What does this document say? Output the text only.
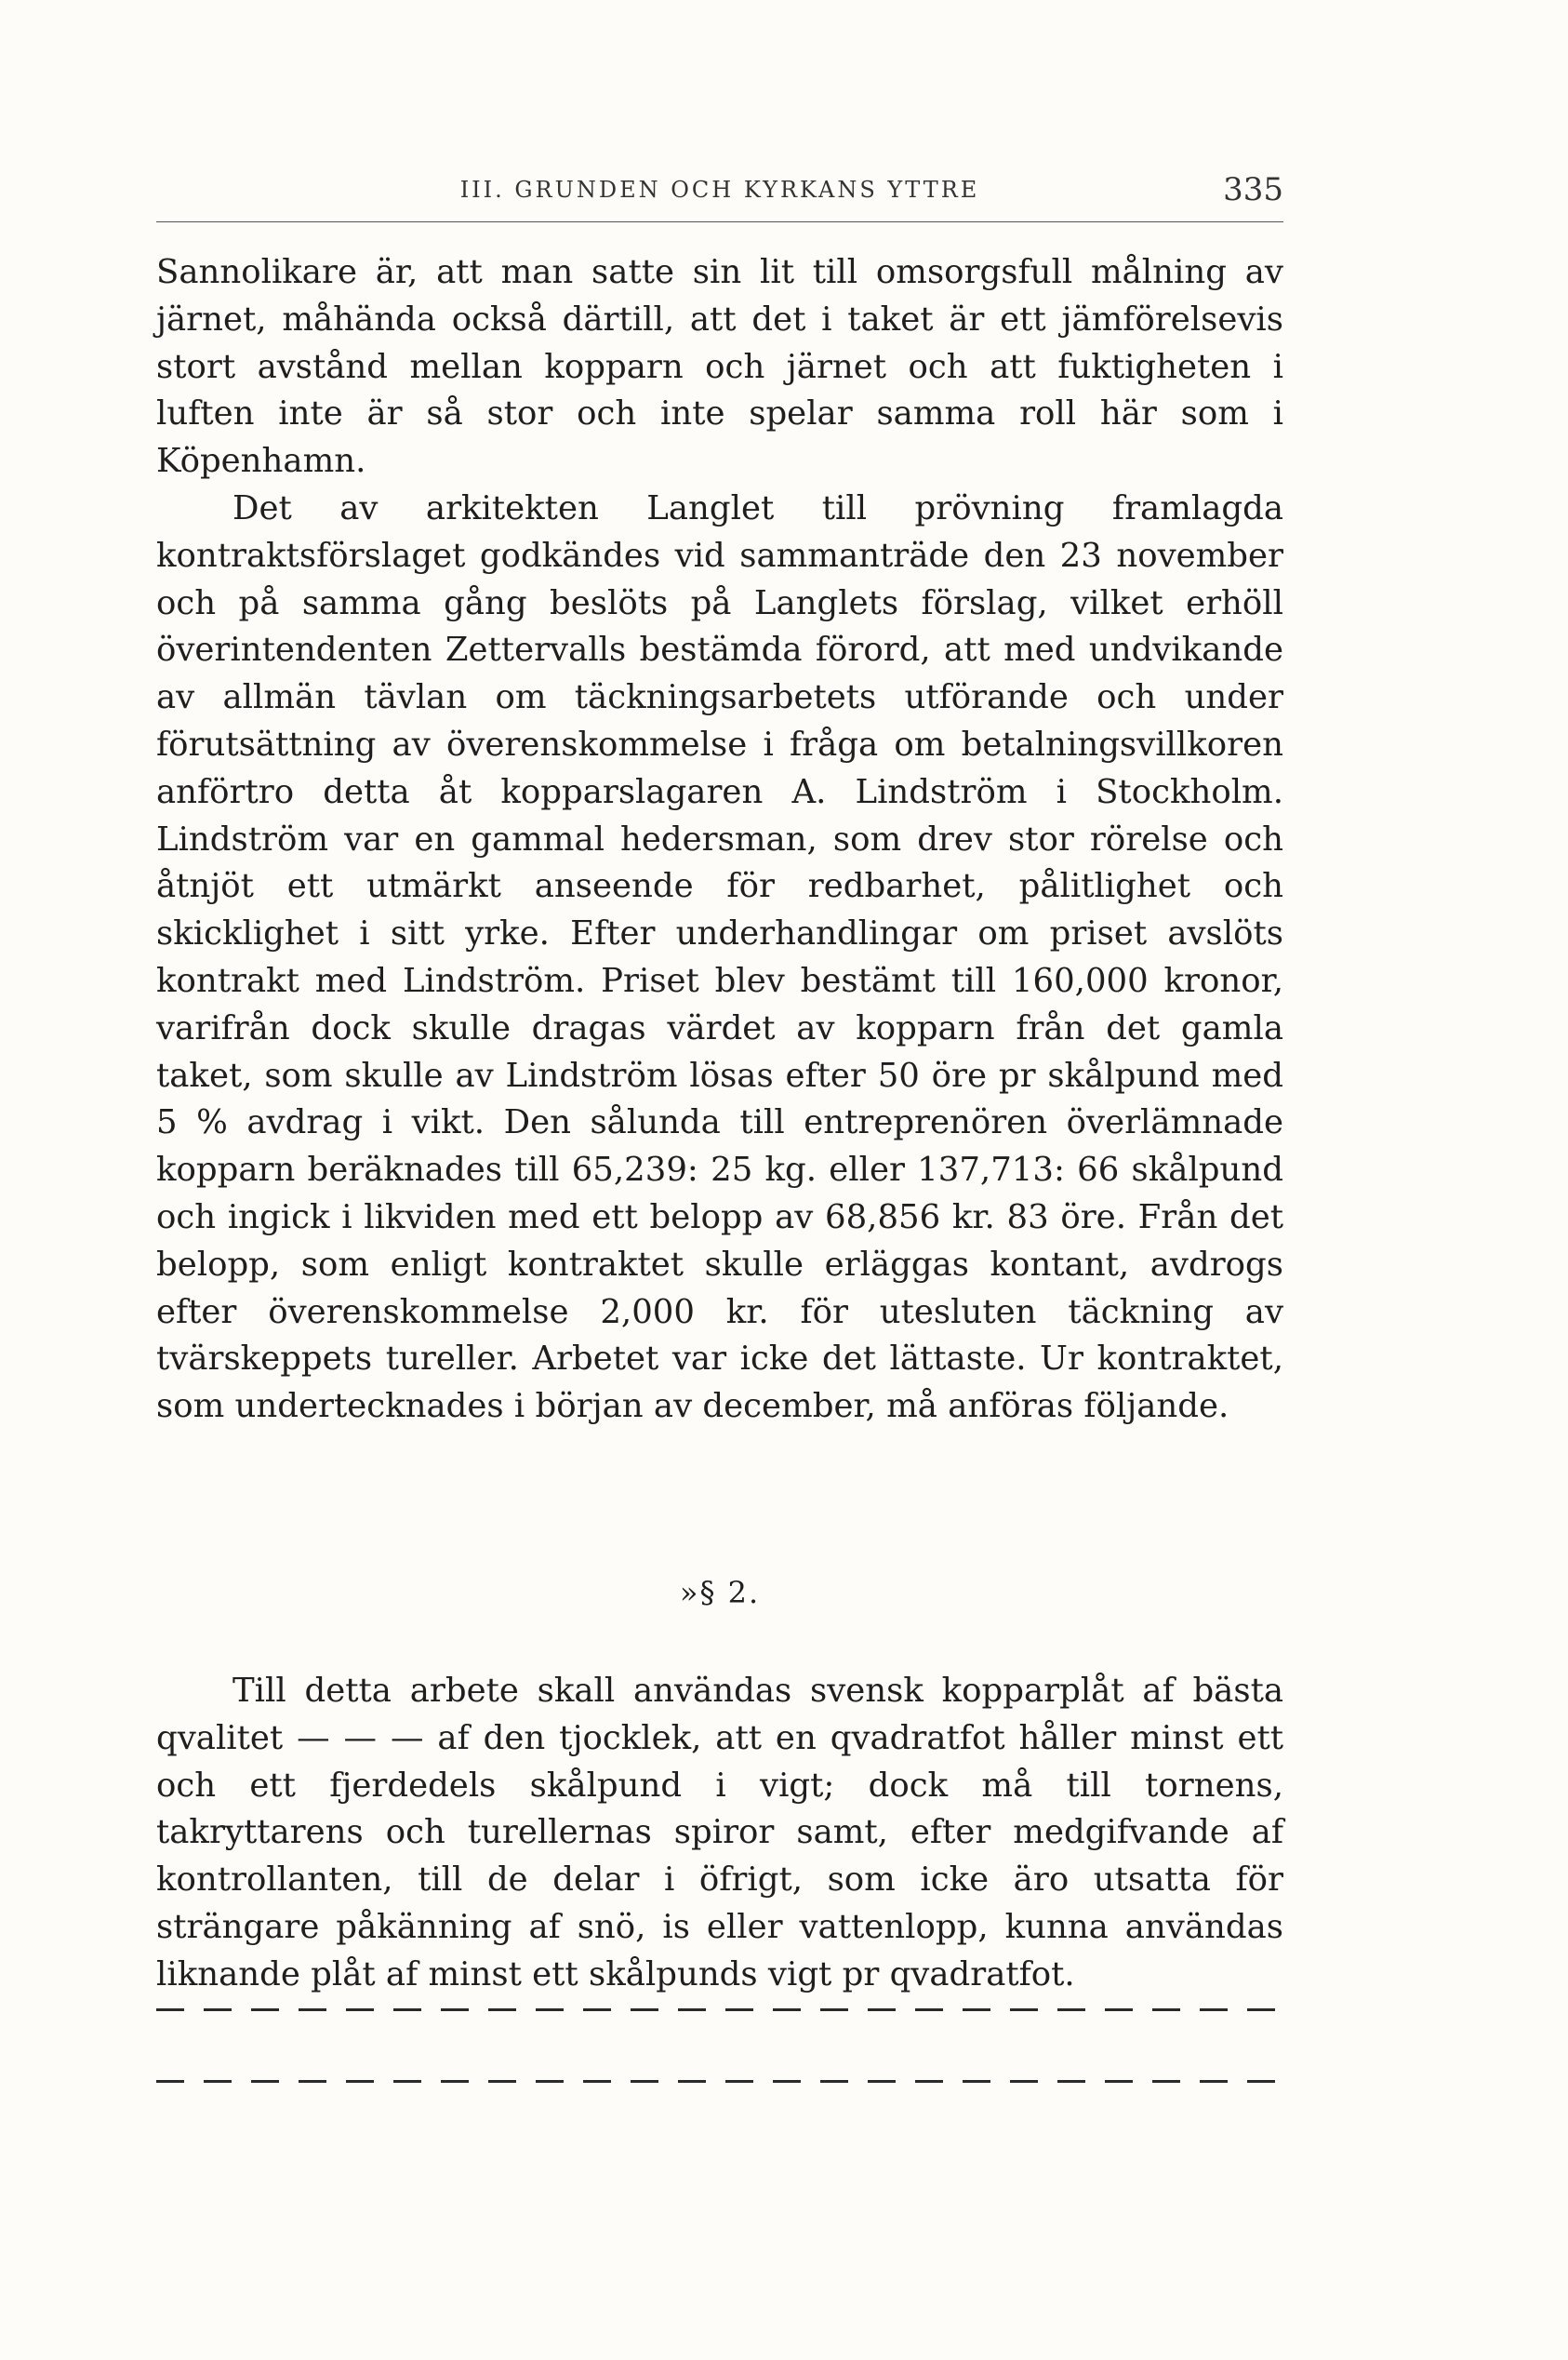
III. GRUNDEN OCH KYRKANS YTTRE	335

Sannolikare är, att man satte sin lit till omsorgsfull målning av järnet, måhända också därtill, att det i taket är ett jämförelsevis stort avstånd mellan kopparn och järnet och att fuktigheten i luften inte är så stor och inte spelar samma roll här som i Köpenhamn.

Det av arkitekten Langlet till prövning framlagda kontraktsförslaget godkändes vid sammanträde den 23 november och på samma gång beslöts på Langlets förslag, vilket erhöll överintendenten Zettervalls bestämda förord, att med undvikande av allmän tävlan om täckningsarbetets utförande och under förutsättning av överenskommelse i fråga om betalningsvillkoren anförtro detta åt kopparslagaren A. Lindström i Stockholm. Lindström var en gammal hedersman, som drev stor rörelse och åtnjöt ett utmärkt anseende för redbarhet, pålitlighet och skicklighet i sitt yrke. Efter underhandlingar om priset avslöts kontrakt med Lindström. Priset blev bestämt till 160,000 kronor, varifrån dock skulle dragas värdet av kopparn från det gamla taket, som skulle av Lindström lösas efter 50 öre pr skålpund med 5 % avdrag i vikt. Den sålunda till entreprenören överlämnade kopparn beräknades till 65,239: 25 kg. eller 137,713: 66 skålpund och ingick i likviden med ett belopp av 68,856 kr. 83 öre. Från det belopp, som enligt kontraktet skulle erläggas kontant, avdrogs efter överenskommelse 2,000 kr. för utesluten täckning av tvärskeppets tureller. Arbetet var icke det lättaste. Ur kontraktet, som undertecknades i början av december, må anföras följande.

»§ 2.

Till detta arbete skall användas svensk kopparplåt af bästa qvalitet — — — af den tjocklek, att en qvadratfot håller minst ett och ett fjerdedels skålpund i vigt; dock må till tornens, takryttarens och turellernas spiror samt, efter medgifvande af kontrollanten, till de delar i öfrigt, som icke äro utsatta för strängare påkänning af snö, is eller vattenlopp, kunna användas liknande plåt af minst ett skålpunds vigt pr qvadratfot.
